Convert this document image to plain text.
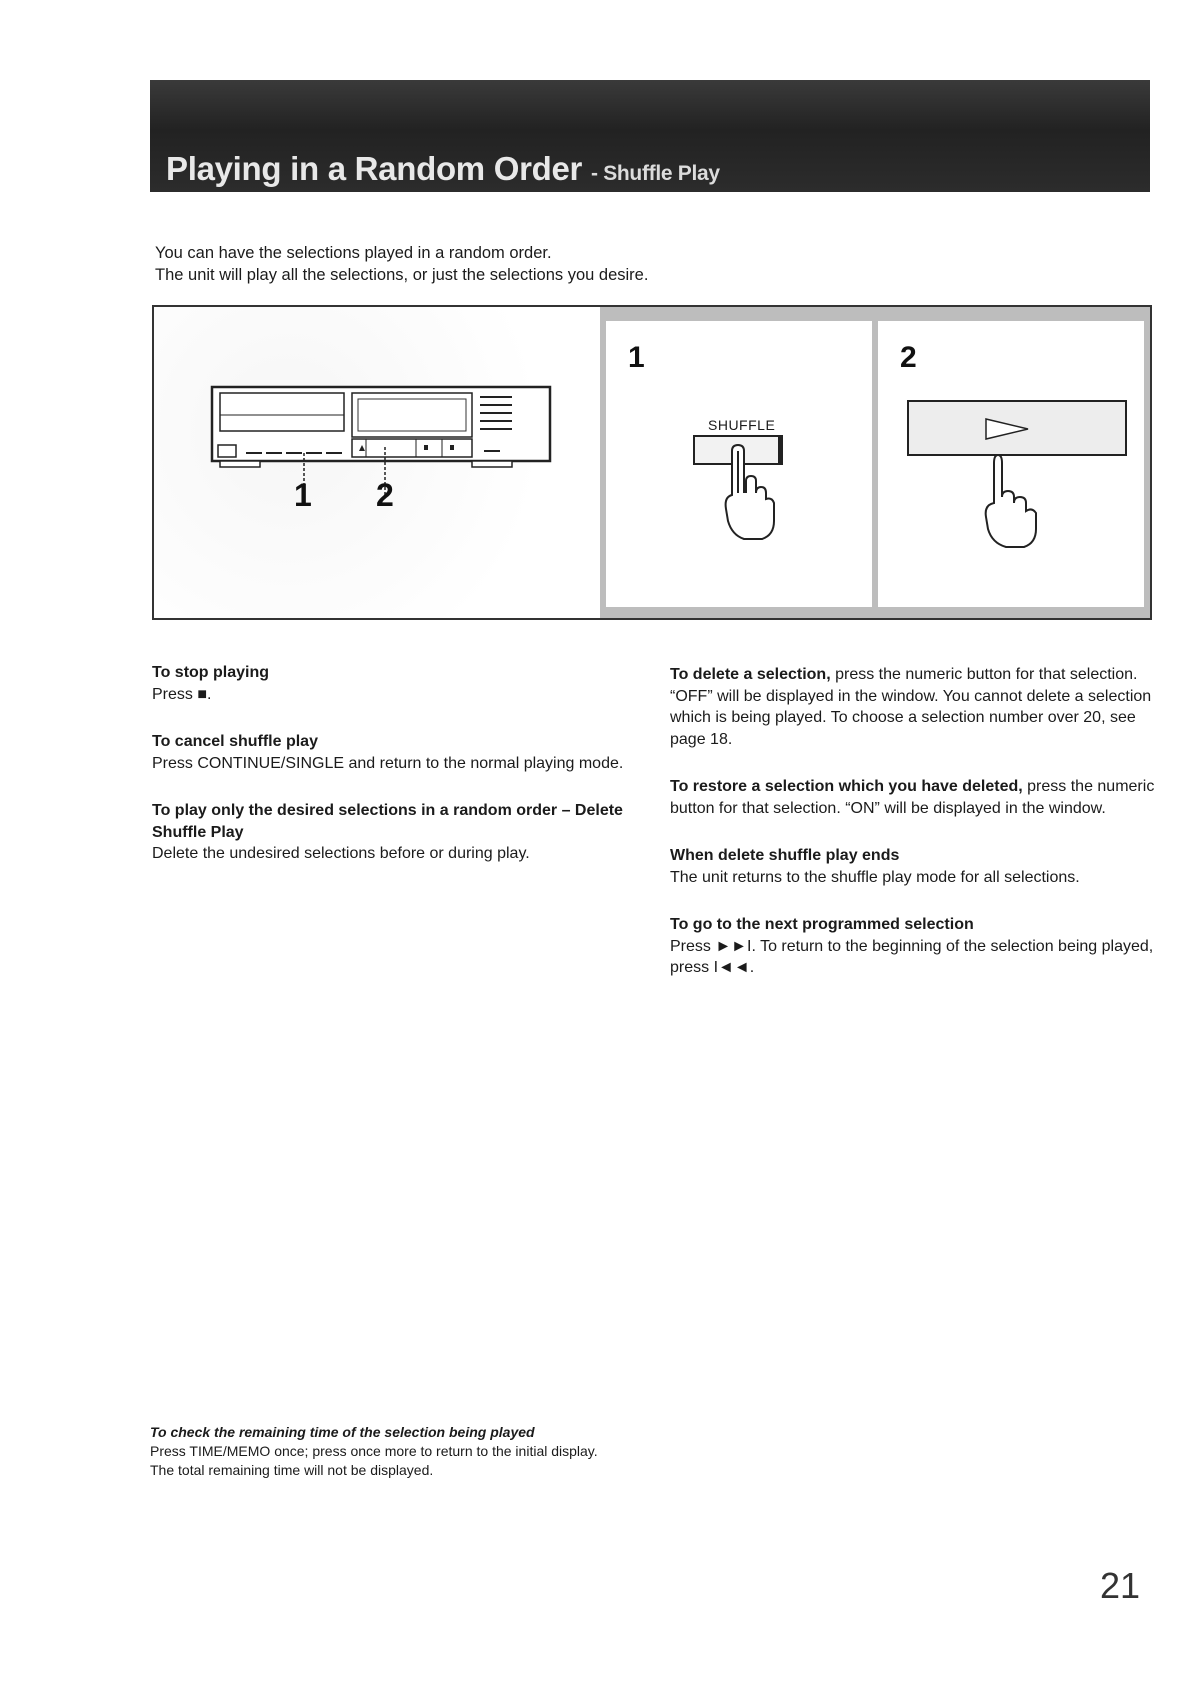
Playing in a Random Order - Shuffle Play

You can have the selections played in a random order.

The unit will play all the selections, or just the selections you desire.

1 2
1
SHUFFLE
2

To stop playing

Press ■.

To cancel shuffle play

Press CONTINUE/SINGLE and return to the normal playing mode.

To play only the desired selections in a random order – Delete Shuffle Play

Delete the undesired selections before or during play.

To delete a selection, press the numeric button for that selection. “OFF” will be displayed in the window. You cannot delete a selection which is being played. To choose a selection number over 20, see page 18.

To restore a selection which you have deleted, press the numeric button for that selection. “ON” will be displayed in the window.

When delete shuffle play ends

The unit returns to the shuffle play mode for all selections.

To go to the next programmed selection

Press ►►I. To return to the beginning of the selection being played, press I◄◄.

To check the remaining time of the selection being played

Press TIME/MEMO once; press once more to return to the initial display. The total remaining time will not be displayed.

21
